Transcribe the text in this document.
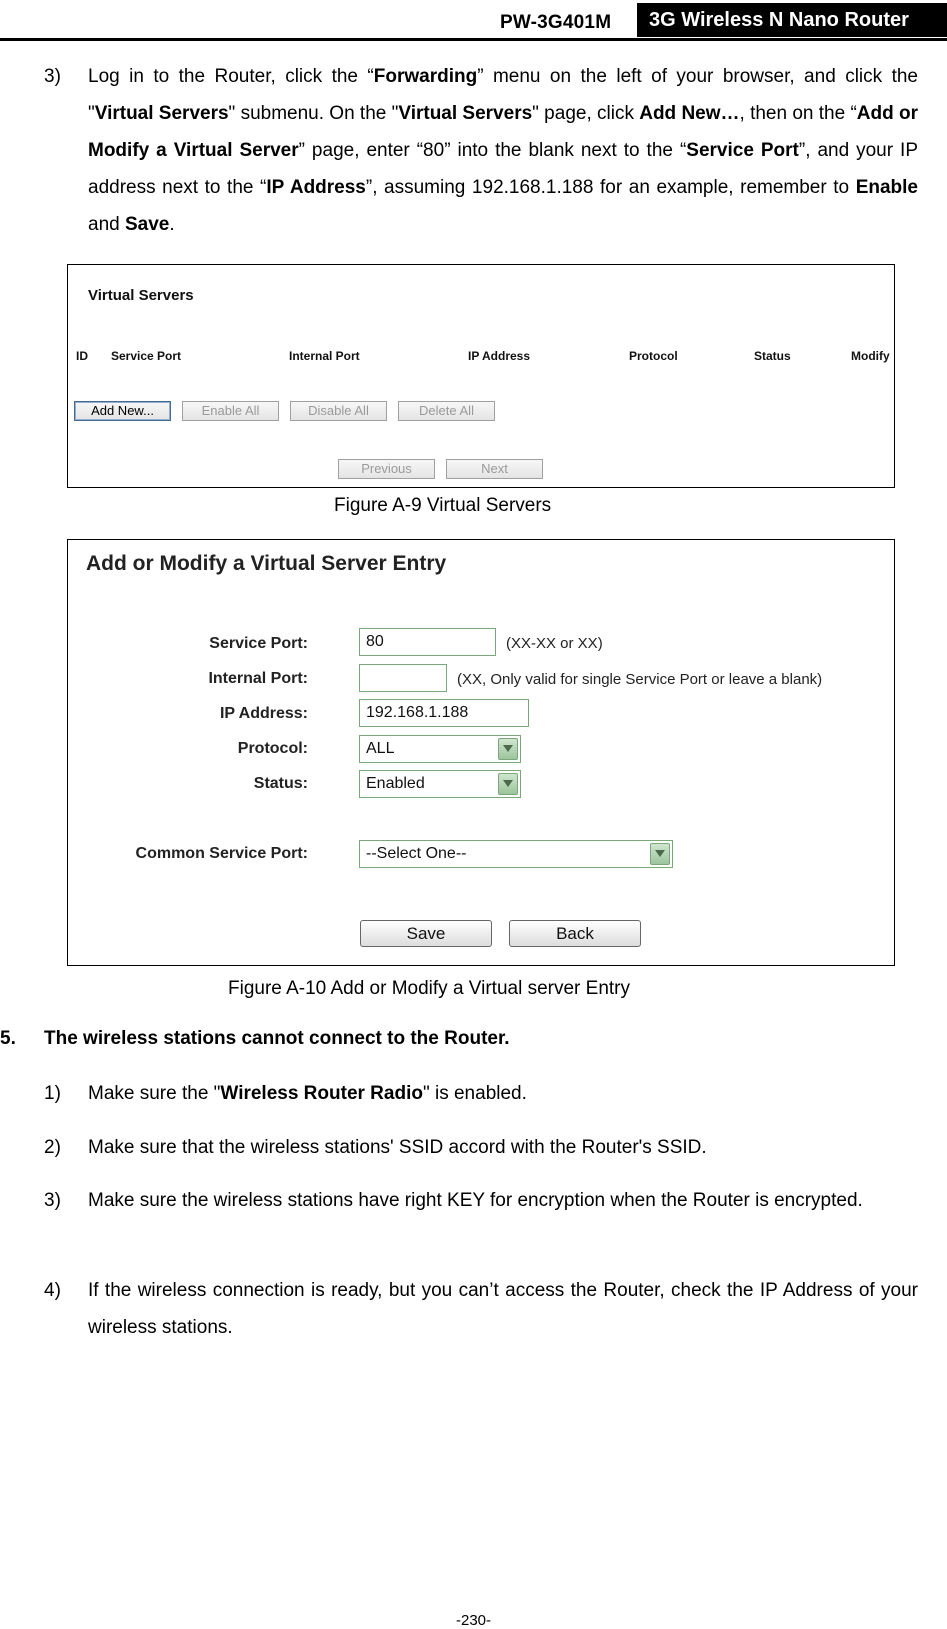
PW-3G401M	3G Wireless N Nano Router
3) Log in to the Router, click the “Forwarding” menu on the left of your browser, and click the "Virtual Servers" submenu. On the "Virtual Servers" page, click Add New…, then on the “Add or Modify a Virtual Server” page, enter “80” into the blank next to the “Service Port”, and your IP address next to the “IP Address”, assuming 192.168.1.188 for an example, remember to Enable and Save.
Virtual Servers
ID Service Port	Internal Port	IP Address	Protocol	Status	Modify
Add New...	Enable All	Disable All	Delete All
Previous	Next
Figure A-9 Virtual Servers
Add or Modify a Virtual Server Entry
Service Port:	80	(XX-XX or XX)
Internal Port:	(XX, Only valid for single Service Port or leave a blank)
IP Address:	192.168.1.188
Protocol:	ALL
Status:	Enabled
Common Service Port:	--Select One--
Save	Back
Figure A-10 Add or Modify a Virtual server Entry
5. The wireless stations cannot connect to the Router.
1) Make sure the "Wireless Router Radio" is enabled.
2) Make sure that the wireless stations' SSID accord with the Router's SSID.
3) Make sure the wireless stations have right KEY for encryption when the Router is encrypted.
4) If the wireless connection is ready, but you can’t access the Router, check the IP Address of your wireless stations.
-230-
